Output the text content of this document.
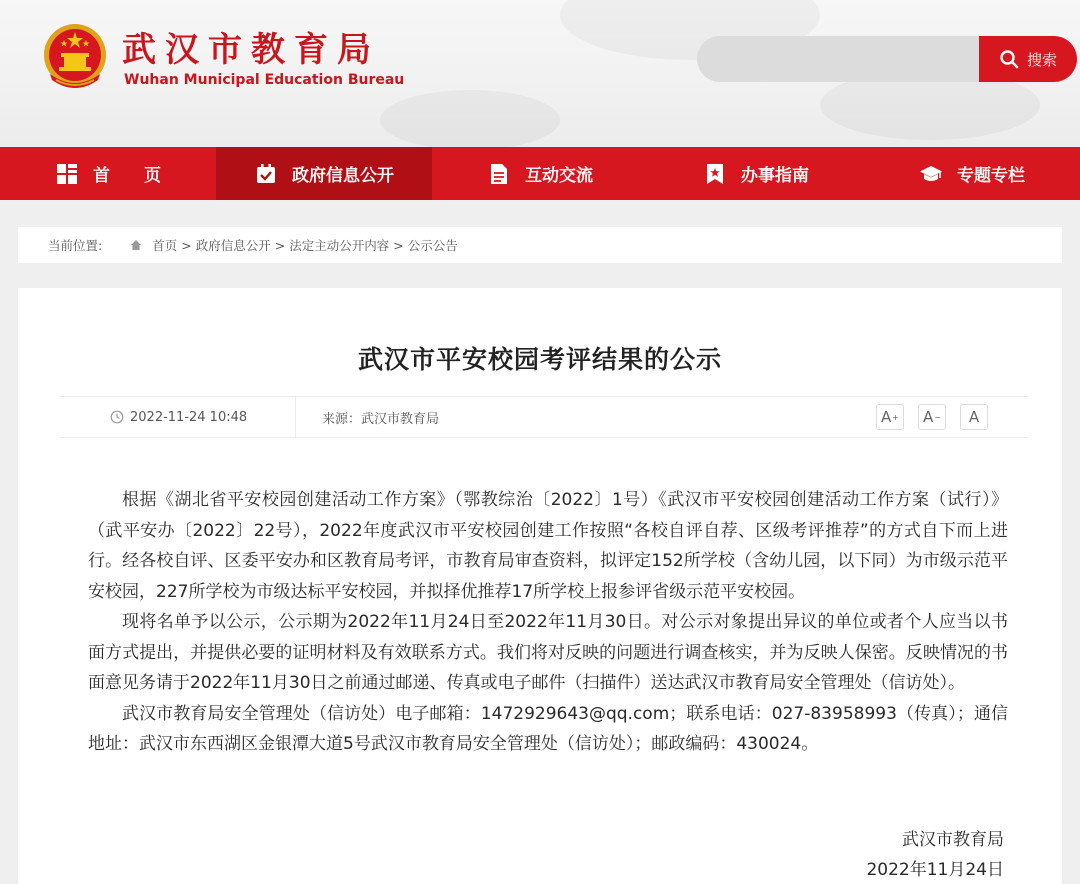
武汉市教育局
Wuhan Municipal Education Bureau
搜索
首　　页	政府信息公开	互动交流	办事指南	专题专栏
当前位置:	首页 > 政府信息公开 > 法定主动公开内容 > 公示公告
武汉市平安校园考评结果的公示
2022-11-24 10:48	来源：武汉市教育局	A + A − A

根据《湖北省平安校园创建活动工作方案》（鄂教综治〔2022〕1号）《武汉市平安校园创建活动工作方案（试行）》（武平安办〔2022〕22号），2022年度武汉市平安校园创建工作按照“各校自评自荐、区级考评推荐”的方式自下而上进行。经各校自评、区委平安办和区教育局考评，市教育局审查资料，拟评定152所学校（含幼儿园，以下同）为市级示范平安校园，227所学校为市级达标平安校园，并拟择优推荐17所学校上报参评省级示范平安校园。

现将名单予以公示，公示期为2022年11月24日至2022年11月30日。对公示对象提出异议的单位或者个人应当以书面方式提出，并提供必要的证明材料及有效联系方式。我们将对反映的问题进行调查核实，并为反映人保密。反映情况的书面意见务请于2022年11月30日之前通过邮递、传真或电子邮件（扫描件）送达武汉市教育局安全管理处（信访处）。

武汉市教育局安全管理处（信访处）电子邮箱：1472929643@qq.com；联系电话：027-83958993（传真）；通信地址：武汉市东西湖区金银潭大道5号武汉市教育局安全管理处（信访处）；邮政编码：430024。

武汉市教育局
2022年11月24日
